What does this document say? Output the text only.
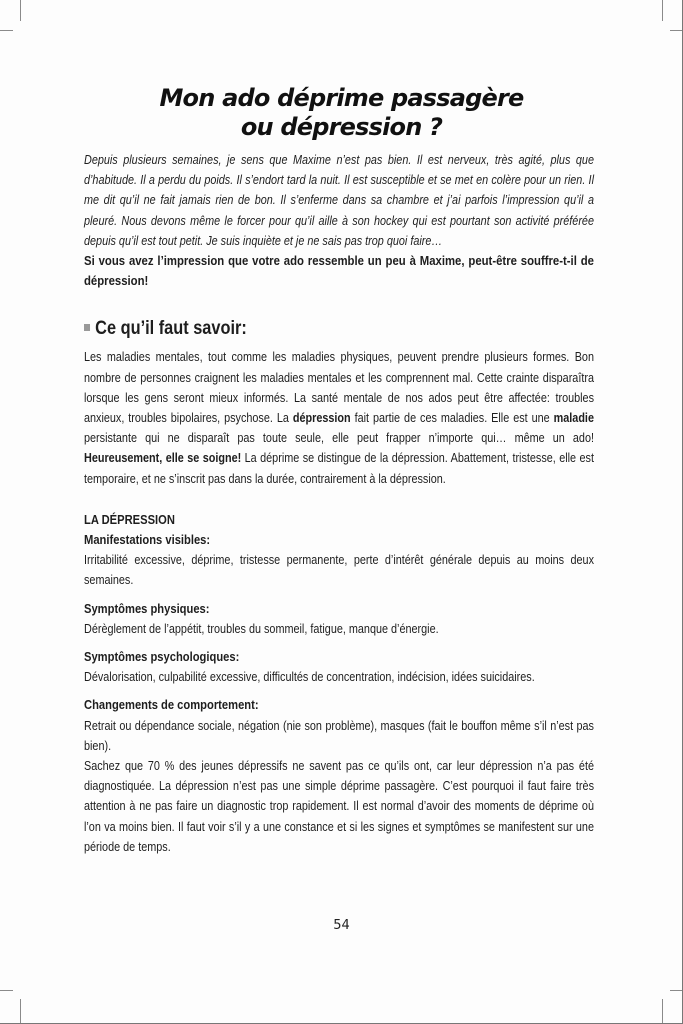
Mon ado déprime passagère
ou dépression ?

Depuis plusieurs semaines, je sens que Maxime n’est pas bien. Il est nerveux, très agité, plus que d’habitude. Il a perdu du poids. Il s’endort tard la nuit. Il est susceptible et se met en colère pour un rien. Il me dit qu’il ne fait jamais rien de bon. Il s’enferme dans sa chambre et j’ai parfois l’impression qu’il a pleuré. Nous devons même le forcer pour qu’il aille à son hockey qui est pourtant son activité préférée depuis qu’il est tout petit. Je suis inquiète et je ne sais pas trop quoi faire…

Si vous avez l’impression que votre ado ressemble un peu à Maxime, peut-être souffre-t-il de dépression!

Ce qu’il faut savoir:

Les maladies mentales, tout comme les maladies physiques, peuvent prendre plusieurs formes. Bon nombre de personnes craignent les maladies mentales et les comprennent mal. Cette crainte disparaîtra lorsque les gens seront mieux informés. La santé mentale de nos ados peut être affectée: troubles anxieux, troubles bipolaires, psychose. La dépression fait partie de ces maladies. Elle est une maladie persistante qui ne disparaît pas toute seule, elle peut frapper n’importe qui… même un ado! Heureusement, elle se soigne! La déprime se distingue de la dépression. Abattement, tristesse, elle est temporaire, et ne s’inscrit pas dans la durée, contrairement à la dépression.

LA DÉPRESSION

Manifestations visibles:

Irritabilité excessive, déprime, tristesse permanente, perte d’intérêt générale depuis au moins deux semaines.

Symptômes physiques:

Dérèglement de l’appétit, troubles du sommeil, fatigue, manque d’énergie.

Symptômes psychologiques:

Dévalorisation, culpabilité excessive, difficultés de concentration, indécision, idées suicidaires.

Changements de comportement:

Retrait ou dépendance sociale, négation (nie son problème), masques (fait le bouffon même s’il n’est pas bien).

Sachez que 70 % des jeunes dépressifs ne savent pas ce qu’ils ont, car leur dépression n’a pas été diagnostiquée. La dépression n’est pas une simple déprime passagère. C’est pourquoi il faut faire très attention à ne pas faire un diagnostic trop rapidement. Il est normal d’avoir des moments de déprime où l’on va moins bien. Il faut voir s’il y a une constance et si les signes et symptômes se manifestent sur une période de temps.

54
